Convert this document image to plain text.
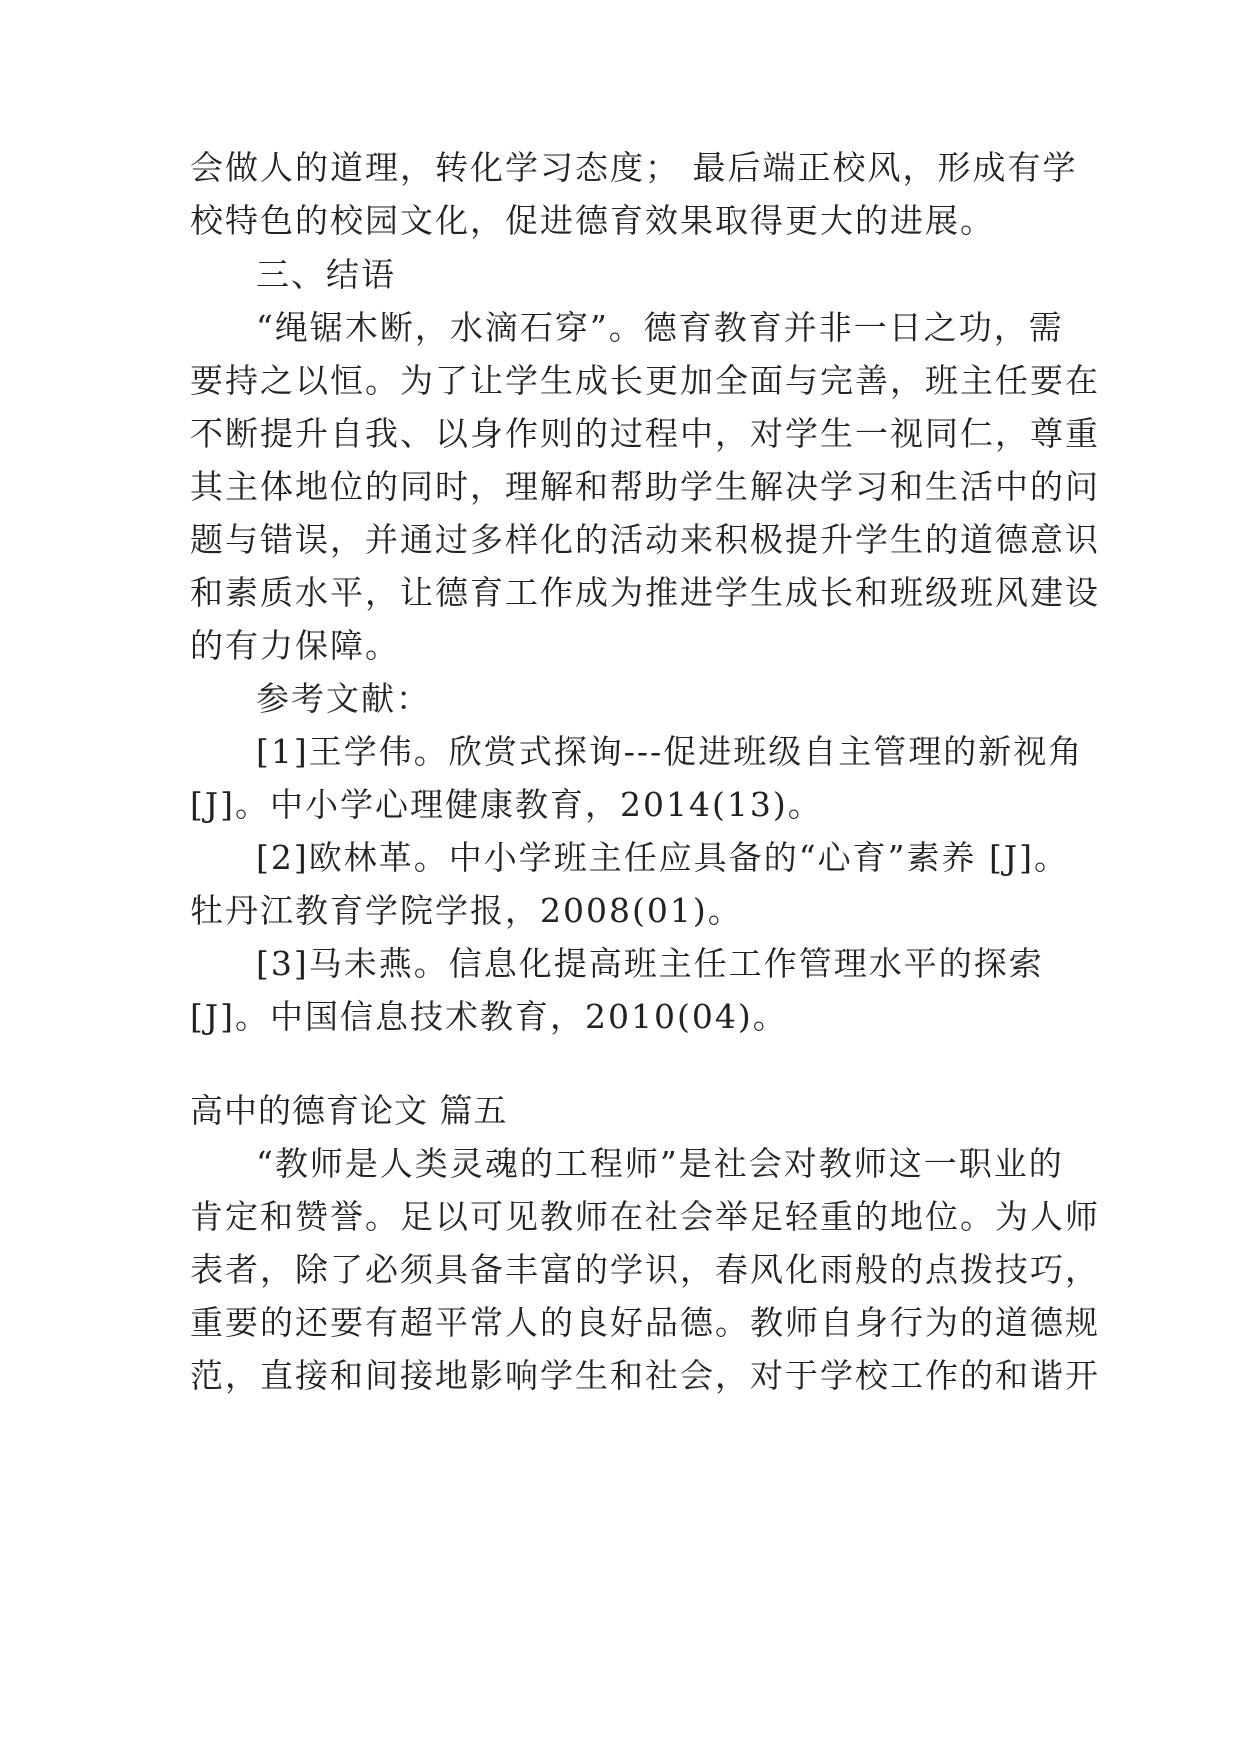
会做人的道理，转化学习态度； 最后端正校风，形成有学
校特色的校园文化，促进德育效果取得更大的进展。
三、结语
“绳锯木断，水滴石穿”。德育教育并非一日之功，需
要持之以恒。为了让学生成长更加全面与完善，班主任要在
不断提升自我、以身作则的过程中，对学生一视同仁，尊重
其主体地位的同时，理解和帮助学生解决学习和生活中的问
题与错误，并通过多样化的活动来积极提升学生的道德意识
和素质水平，让德育工作成为推进学生成长和班级班风建设
的有力保障。
参考文献：
[1]王学伟。欣赏式探询---促进班级自主管理的新视角
[J]。中小学心理健康教育，2014(13)。
[2]欧林革。中小学班主任应具备的“心育”素养 [J]。
牡丹江教育学院学报，2008(01)。
[3]马未燕。信息化提高班主任工作管理水平的探索
[J]。中国信息技术教育，2010(04)。
高中的德育论文 篇五
“教师是人类灵魂的工程师”是社会对教师这一职业的
肯定和赞誉。足以可见教师在社会举足轻重的地位。为人师
表者，除了必须具备丰富的学识，春风化雨般的点拨技巧，
重要的还要有超平常人的良好品德。教师自身行为的道德规
范，直接和间接地影响学生和社会，对于学校工作的和谐开
